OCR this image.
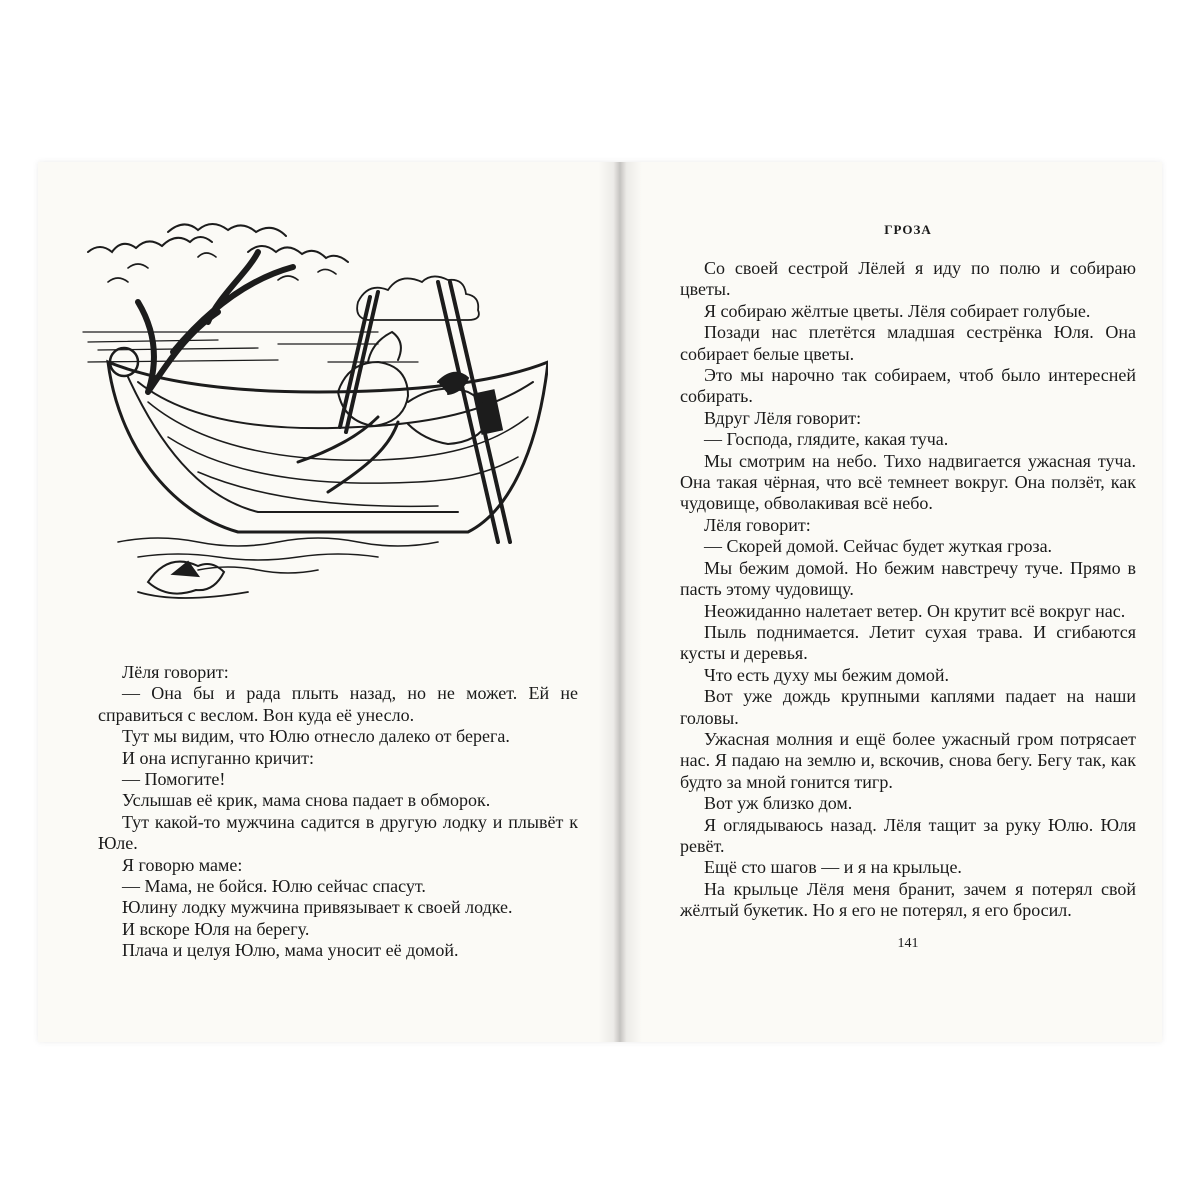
Лёля говорит:

— Она бы и рада плыть назад, но не может. Ей не справиться с веслом. Вон куда её унесло.

Тут мы видим, что Юлю отнесло далеко от берега.

И она испуганно кричит:

— Помогите!

Услышав её крик, мама снова падает в обморок.

Тут какой-то мужчина садится в другую лодку и плывёт к Юле.

Я говорю маме:

— Мама, не бойся. Юлю сейчас спасут.

Юлину лодку мужчина привязывает к своей лодке.

И вскоре Юля на берегу.

Плача и целуя Юлю, мама уносит её домой.

ГРОЗА

Со своей сестрой Лёлей я иду по полю и собираю цветы.

Я собираю жёлтые цветы. Лёля собирает голубые.

Позади нас плетётся младшая сестрёнка Юля. Она собирает белые цветы.

Это мы нарочно так собираем, чтоб было интересней собирать.

Вдруг Лёля говорит:

— Господа, глядите, какая туча.

Мы смотрим на небо. Тихо надвигается ужасная туча. Она такая чёрная, что всё темнеет вокруг. Она ползёт, как чудовище, обволакивая всё небо.

Лёля говорит:

— Скорей домой. Сейчас будет жуткая гроза.

Мы бежим домой. Но бежим навстречу туче. Прямо в пасть этому чудовищу.

Неожиданно налетает ветер. Он крутит всё вокруг нас.

Пыль поднимается. Летит сухая трава. И сгибаются кусты и деревья.

Что есть духу мы бежим домой.

Вот уже дождь крупными каплями падает на наши головы.

Ужасная молния и ещё более ужасный гром потрясает нас. Я падаю на землю и, вскочив, снова бегу. Бегу так, как будто за мной гонится тигр.

Вот уж близко дом.

Я оглядываюсь назад. Лёля тащит за руку Юлю. Юля ревёт.

Ещё сто шагов — и я на крыльце.

На крыльце Лёля меня бранит, зачем я потерял свой жёлтый букетик. Но я его не потерял, я его бросил.

141
